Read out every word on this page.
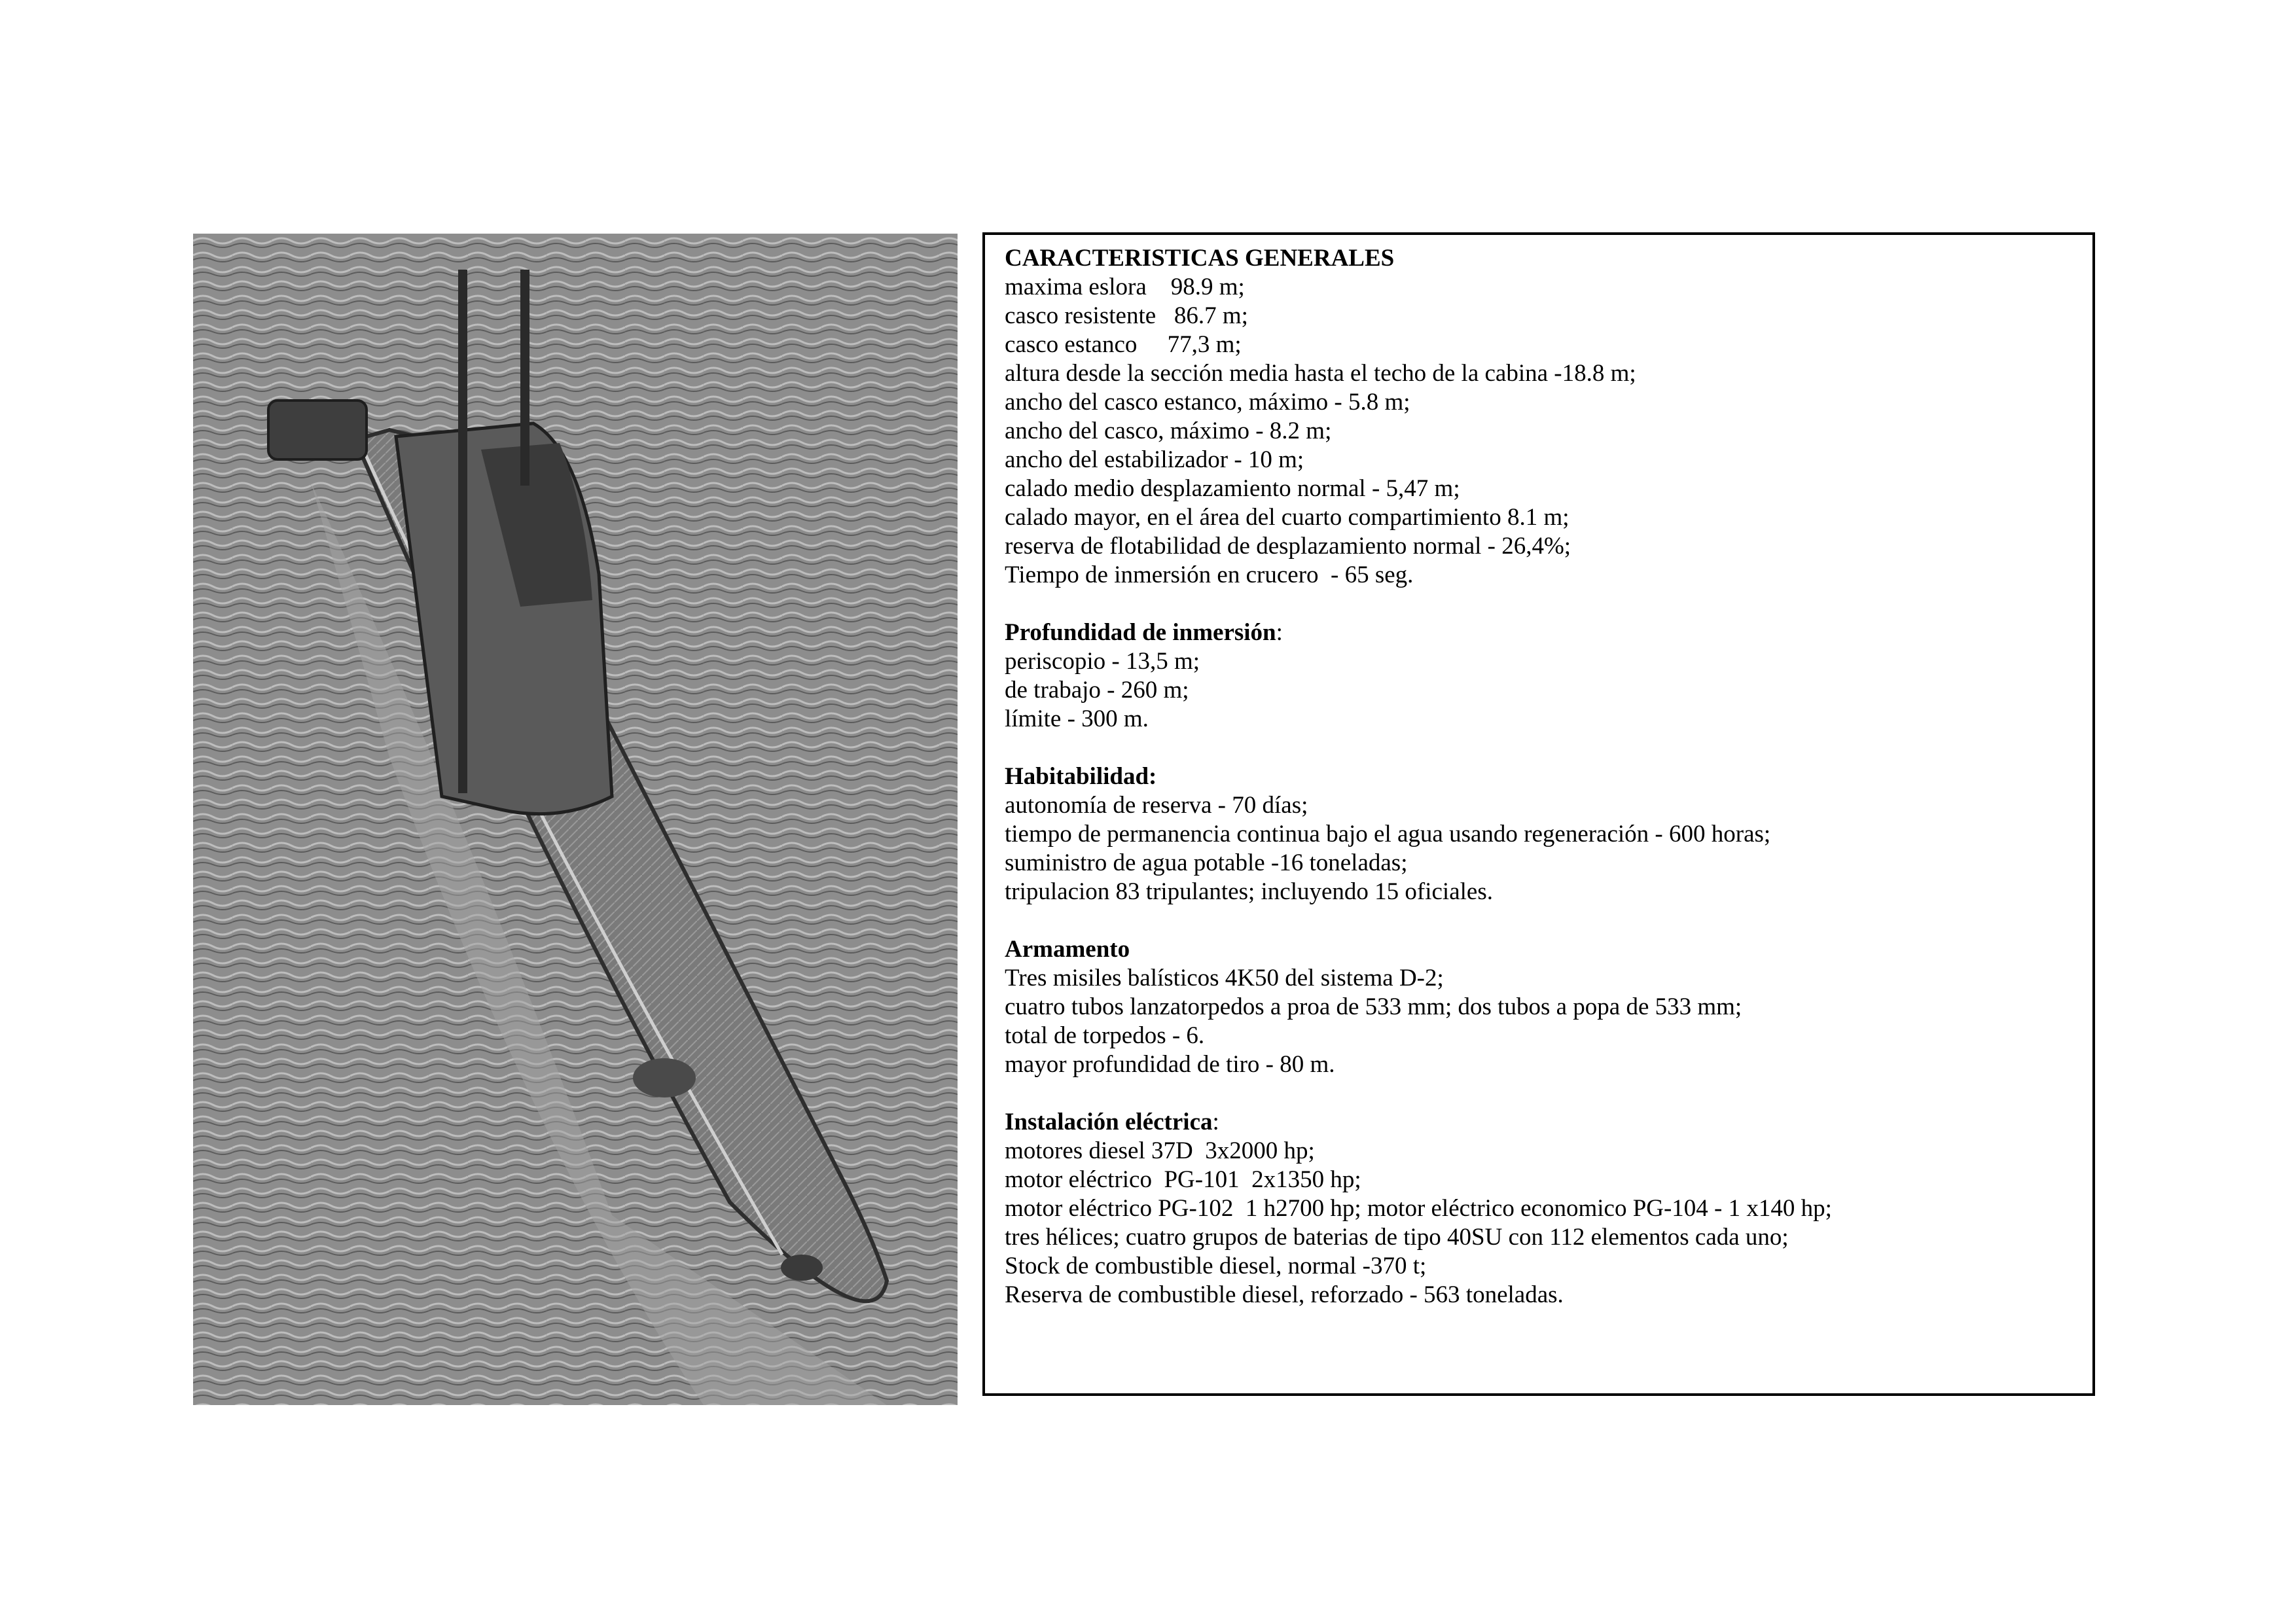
CARACTERISTICAS GENERALES
maxima eslora    98.9 m;
casco resistente   86.7 m;
casco estanco     77,3 m;
altura desde la sección media hasta el techo de la cabina -18.8 m;
ancho del casco estanco, máximo - 5.8 m;
ancho del casco, máximo - 8.2 m;
ancho del estabilizador - 10 m;
calado medio desplazamiento normal - 5,47 m;
calado mayor, en el área del cuarto compartimiento 8.1 m;
reserva de flotabilidad de desplazamiento normal - 26,4%;
Tiempo de inmersión en crucero  - 65 seg.
Profundidad de inmersión:
periscopio - 13,5 m;
de trabajo - 260 m;
límite - 300 m.
Habitabilidad:
autonomía de reserva - 70 días;
tiempo de permanencia continua bajo el agua usando regeneración - 600 horas;
suministro de agua potable -16 toneladas;
tripulacion 83 tripulantes; incluyendo 15 oficiales.
Armamento
Tres misiles balísticos 4K50 del sistema D-2;
cuatro tubos lanzatorpedos a proa de 533 mm; dos tubos a popa de 533 mm;
total de torpedos - 6.
mayor profundidad de tiro - 80 m.
Instalación eléctrica:
motores diesel 37D  3x2000 hp;
motor eléctrico  PG-101  2x1350 hp;
motor eléctrico PG-102  1 h2700 hp; motor eléctrico economico PG-104 - 1 x140 hp;
tres hélices; cuatro grupos de baterias de tipo 40SU con 112 elementos cada uno;
Stock de combustible diesel, normal -370 t;
Reserva de combustible diesel, reforzado - 563 toneladas.
